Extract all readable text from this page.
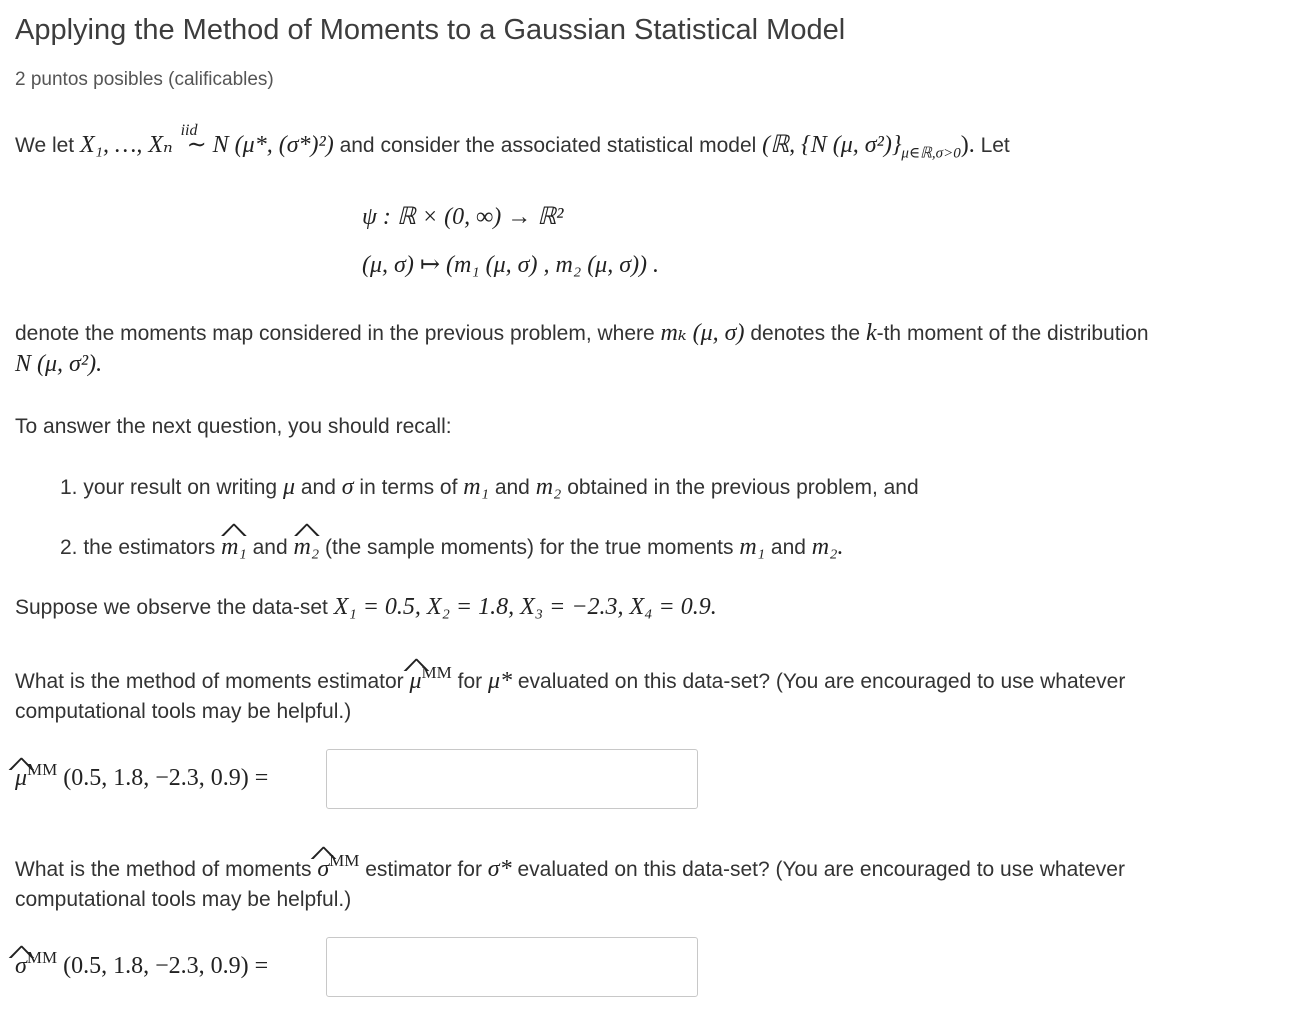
Applying the Method of Moments to a Gaussian Statistical Model
2 puntos posibles (calificables)
We let X₁, …, Xₙ
iid
∼ N (μ*, (σ*)²) and consider the associated statistical model (ℝ, {N (μ, $\sigma^2)\}_{\mu\in ℝ,\sigma>0}$). Let
ψ : ℝ × (0, ∞) → ℝ²
(μ, σ) ↦ (m₁ (μ, σ) , m₂ (μ, σ)) .
denote the moments map considered in the previous problem, where mₖ (μ, σ) denotes the k-th moment of the distribution
N (μ, σ²).
To answer the next question, you should recall:
1. your result on writing μ and σ in terms of m₁ and m₂ obtained in the previous problem, and
2. the estimators ^ m₁ and ^ m₂ (the sample moments) for the true moments m₁ and m₂.
Suppose we observe the data-set X₁ = 0.5, X₂ = 1.8, X₃ = −2.3, X₄ = 0.9.
What is the method of moments estimator ^ $\mu^{MM}$ for μ* evaluated on this data-set? (You are encouraged to use whatever
computational tools may be helpful.)
^ $\mu^{MM}$ (0.5, 1.8, −2.3, 0.9) =
What is the method of moments ^ $\sigma^{MM}$ estimator for σ* evaluated on this data-set? (You are encouraged to use whatever
computational tools may be helpful.)
^ $\sigma^{MM}$ (0.5, 1.8, −2.3, 0.9) =
